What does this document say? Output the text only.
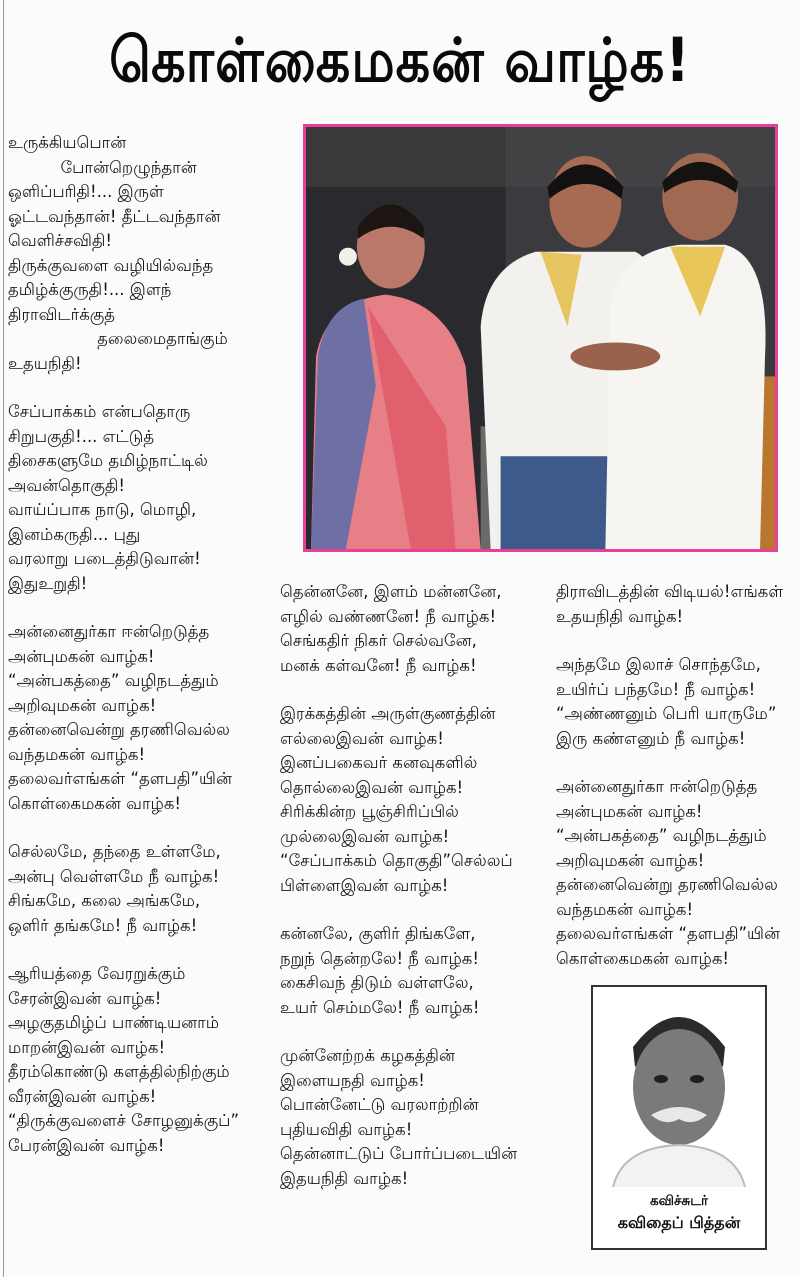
கொள்கைமகன் வாழ்க!

உருக்கியபொன்

போன்றெழுந்தான்

ஒளிப்பரிதி!... இருள்

ஓட்டவந்தான்! தீட்டவந்தான்

வெளிச்சவிதி!

திருக்குவளை வழியில்வந்த

தமிழ்க்குருதி!... இளந்

திராவிடர்க்குத்

தலைமைதாங்கும்

உதயநிதி!

சேப்பாக்கம் என்பதொரு

சிறுபகுதி!... எட்டுத்

திசைகளுமே தமிழ்நாட்டில்

அவன்தொகுதி!

வாய்ப்பாக நாடு, மொழி,

இனம்கருதி... புது

வரலாறு படைத்திடுவான்!

இதுஉறுதி!

அன்னைதுர்கா ஈன்றெடுத்த

அன்புமகன் வாழ்க!

“அன்பகத்தை” வழிநடத்தும்

அறிவுமகன் வாழ்க!

தன்னைவென்று தரணிவெல்ல

வந்தமகன் வாழ்க!

தலைவர்எங்கள் “தளபதி”யின்

கொள்கைமகன் வாழ்க!

செல்லமே, தந்தை உள்ளமே,

அன்பு வெள்ளமே நீ வாழ்க!

சிங்கமே, கலை அங்கமே,

ஒளிர் தங்கமே! நீ வாழ்க!

ஆரியத்தை வேரறுக்கும்

சேரன்இவன் வாழ்க!

அழகுதமிழ்ப் பாண்டியனாம்

மாறன்இவன் வாழ்க!

தீரம்கொண்டு களத்தில்நிற்கும்

வீரன்இவன் வாழ்க!

“திருக்குவளைச் சோழனுக்குப்”

பேரன்இவன் வாழ்க!

தென்னனே, இளம் மன்னனே,

எழில் வண்ணனே! நீ வாழ்க!

செங்கதிர் நிகர் செல்வனே,

மனக் கள்வனே! நீ வாழ்க!

இரக்கத்தின் அருள்குணத்தின்

எல்லைஇவன் வாழ்க!

இனப்பகைவர் கனவுகளில்

தொல்லைஇவன் வாழ்க!

சிரிக்கின்ற பூஞ்சிரிப்பில்

முல்லைஇவன் வாழ்க!

“சேப்பாக்கம் தொகுதி”செல்லப்

பிள்ளைஇவன் வாழ்க!

கன்னலே, குளிர் திங்களே,

நறுந் தென்றலே! நீ வாழ்க!

கைசிவந் திடும் வள்ளலே,

உயர் செம்மலே! நீ வாழ்க!

முன்னேற்றக் கழகத்தின்

இளையநதி வாழ்க!

பொன்னேட்டு வரலாற்றின்

புதியவிதி வாழ்க!

தென்னாட்டுப் போர்ப்படையின்

இதயநிதி வாழ்க!

திராவிடத்தின் விடியல்!எங்கள்

உதயநிதி வாழ்க!

அந்தமே இலாச் சொந்தமே,

உயிர்ப் பந்தமே! நீ வாழ்க!

“அண்ணனும் பெரி யாருமே”

இரு கண்எனும் நீ வாழ்க!

அன்னைதுர்கா ஈன்றெடுத்த

அன்புமகன் வாழ்க!

“அன்பகத்தை” வழிநடத்தும்

அறிவுமகன் வாழ்க!

தன்னைவென்று தரணிவெல்ல

வந்தமகன் வாழ்க!

தலைவர்எங்கள் “தளபதி”யின்

கொள்கைமகன் வாழ்க!

கவிச்சுடர்
கவிதைப் பித்தன்
